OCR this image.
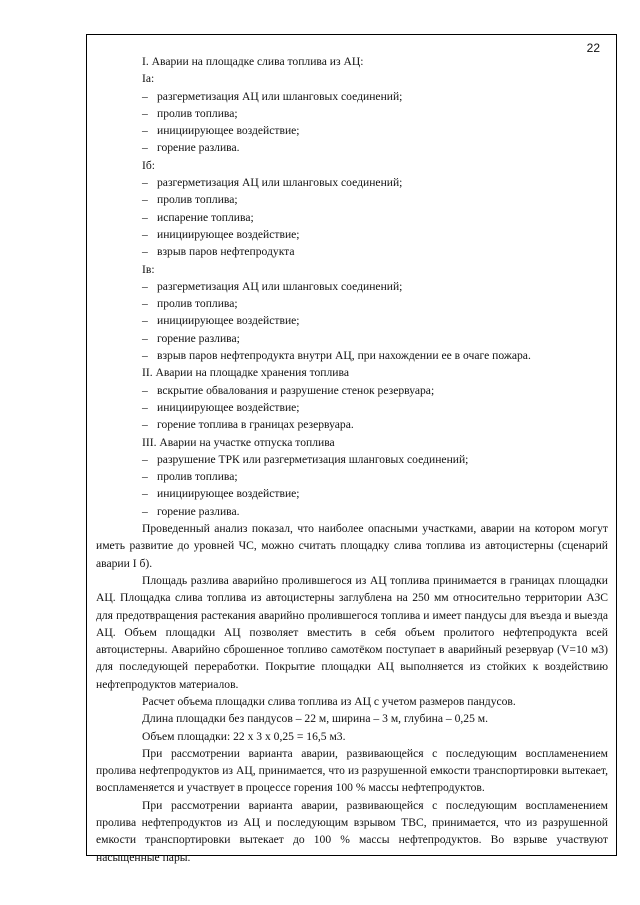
22
I. Аварии на площадке слива топлива из АЦ:
Iа:
– разгерметизация АЦ или шланговых соединений;
– пролив топлива;
– инициирующее воздействие;
– горение разлива.
Iб:
– разгерметизация АЦ или шланговых соединений;
– пролив топлива;
– испарение топлива;
– инициирующее воздействие;
– взрыв паров нефтепродукта
Iв:
– разгерметизация АЦ или шланговых соединений;
– пролив топлива;
– инициирующее воздействие;
– горение разлива;
– взрыв паров нефтепродукта внутри АЦ, при нахождении ее в очаге пожара.
II. Аварии на площадке хранения топлива
– вскрытие обвалования и разрушение стенок резервуара;
– инициирующее воздействие;
– горение топлива в границах резервуара.
III. Аварии на участке отпуска топлива
– разрушение ТРК или разгерметизация шланговых соединений;
– пролив топлива;
– инициирующее воздействие;
– горение разлива.
Проведенный анализ показал, что наиболее опасными участками, аварии на котором могут иметь развитие до уровней ЧС, можно считать площадку слива топлива из автоцистерны (сценарий аварии I б).
Площадь разлива аварийно пролившегося из АЦ топлива принимается в границах площадки АЦ. Площадка слива топлива из автоцистерны заглублена на 250 мм относительно территории АЗС для предотвращения растекания аварийно пролившегося топлива и имеет пандусы для въезда и выезда АЦ. Объем площадки АЦ позволяет вместить в себя объем пролитого нефтепродукта всей автоцистерны. Аварийно сброшенное топливо самотёком поступает в аварийный резервуар (V=10 м3) для последующей переработки. Покрытие площадки АЦ выполняется из стойких к воздействию нефтепродуктов материалов.
Расчет объема площадки слива топлива из АЦ с учетом размеров пандусов.
Длина площадки без пандусов – 22 м, ширина – 3 м, глубина – 0,25 м.
Объем площадки: 22 x 3 x 0,25 = 16,5 м3.
При рассмотрении варианта аварии, развивающейся с последующим воспламенением пролива нефтепродуктов из АЦ, принимается, что из разрушенной емкости транспортировки вытекает, воспламеняется и участвует в процессе горения 100 % массы нефтепродуктов.
При рассмотрении варианта аварии, развивающейся с последующим воспламенением пролива нефтепродуктов из АЦ и последующим взрывом ТВС, принимается, что из разрушенной емкости транспортировки вытекает до 100 % массы нефтепродуктов. Во взрыве участвуют насыщенные пары.
